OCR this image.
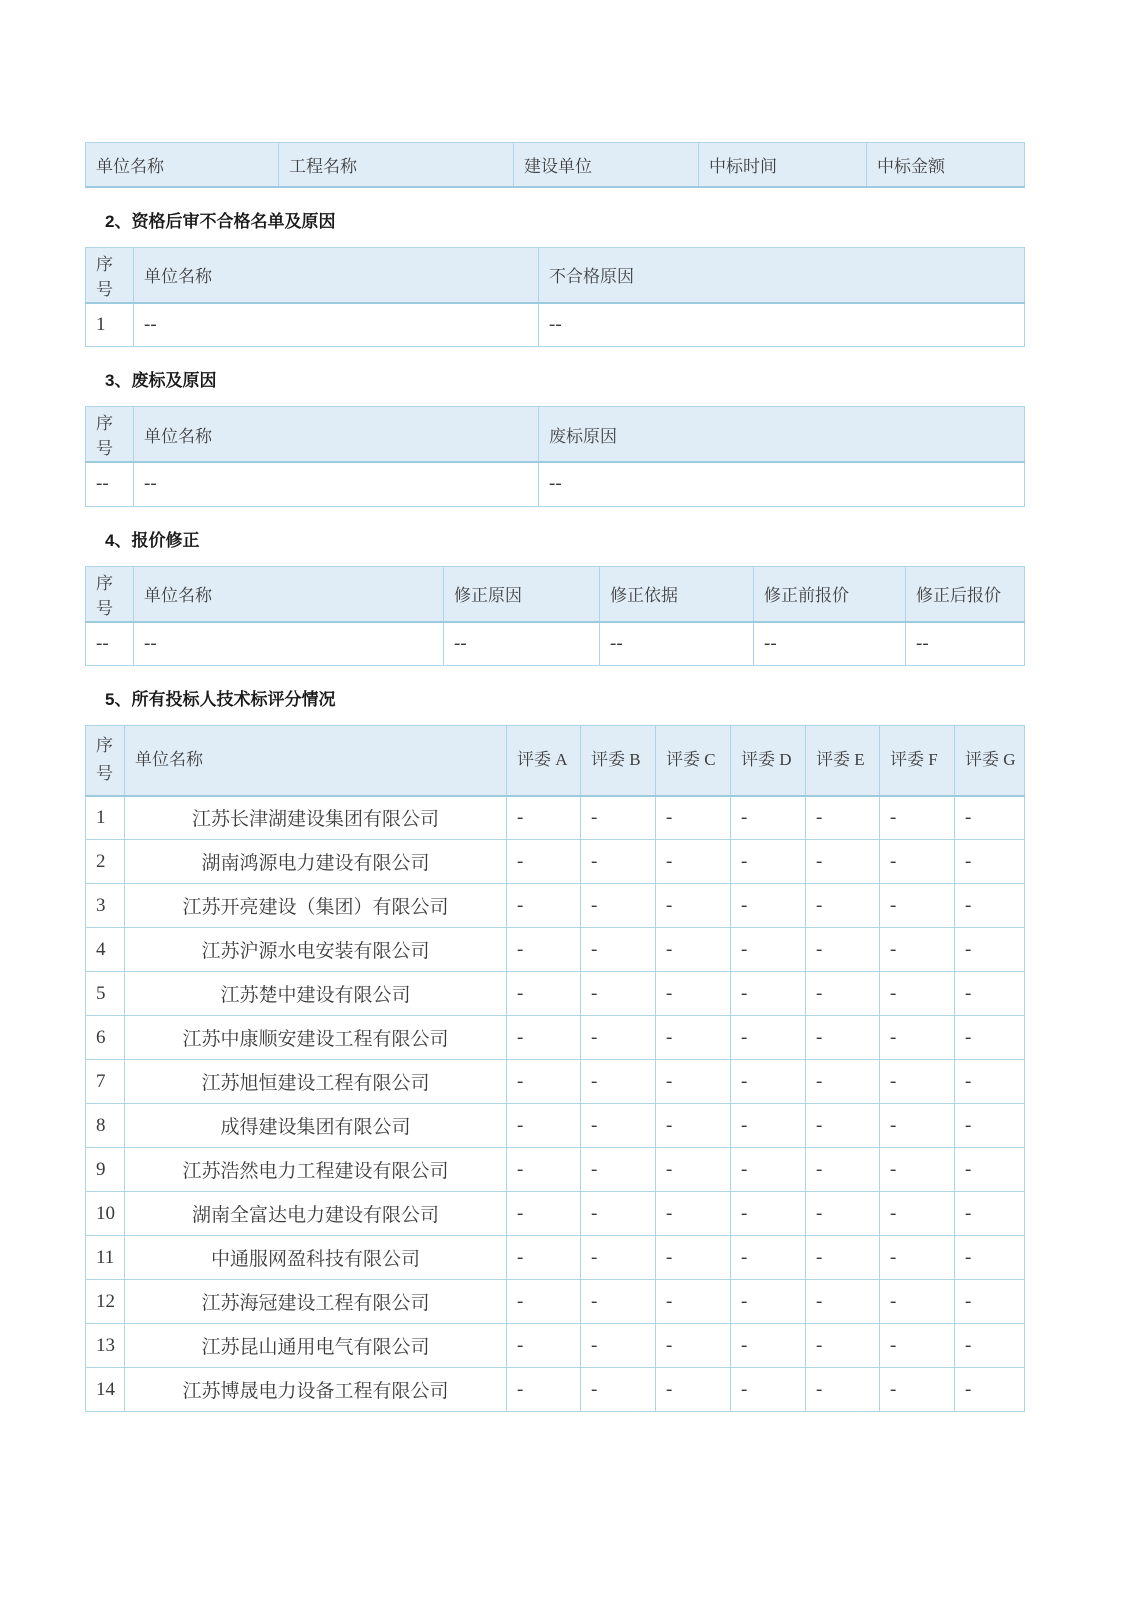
单位名称	工程名称	建设单位	中标时间	中标金额
2、资格后审不合格名单及原因
序号	单位名称	不合格原因
1	--	--
3、废标及原因
序号	单位名称	废标原因
--	--	--
4、报价修正
序号	单位名称	修正原因	修正依据	修正前报价	修正后报价
--	--	--	--	--	--
5、所有投标人技术标评分情况
序号	单位名称	评委 A	评委 B	评委 C	评委 D	评委 E	评委 F	评委 G
1	江苏长津湖建设集团有限公司	-	-	-	-	-	-	-
2	湖南鸿源电力建设有限公司	-	-	-	-	-	-	-
3	江苏开亮建设（集团）有限公司	-	-	-	-	-	-	-
4	江苏沪源水电安装有限公司	-	-	-	-	-	-	-
5	江苏楚中建设有限公司	-	-	-	-	-	-	-
6	江苏中康顺安建设工程有限公司	-	-	-	-	-	-	-
7	江苏旭恒建设工程有限公司	-	-	-	-	-	-	-
8	成得建设集团有限公司	-	-	-	-	-	-	-
9	江苏浩然电力工程建设有限公司	-	-	-	-	-	-	-
10	湖南全富达电力建设有限公司	-	-	-	-	-	-	-
11	中通服网盈科技有限公司	-	-	-	-	-	-	-
12	江苏海冠建设工程有限公司	-	-	-	-	-	-	-
13	江苏昆山通用电气有限公司	-	-	-	-	-	-	-
14	江苏博晟电力设备工程有限公司	-	-	-	-	-	-	-
